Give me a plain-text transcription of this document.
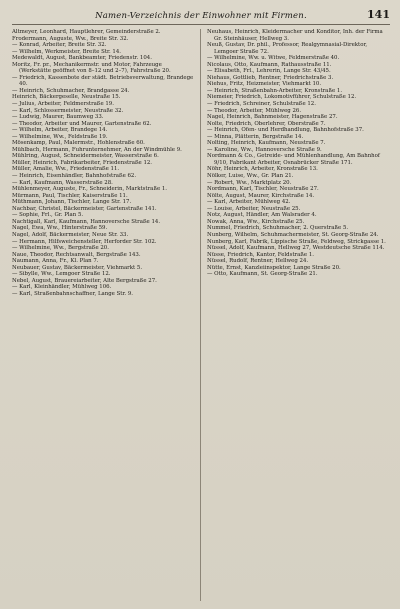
Namen-Verzeichnis der Einwohner mit Firmen.	141

Altmeyer, Leonhard, Hauptlehrer, Gemeinderstraße 2.

Frodermann, Auguste, Ww., Breite Str. 32.

— Konrad, Arbeiter, Breite Str. 32.

— Wilhelm, Werkmeister, Breite Str. 14.

Medewaldt, August, Bankbeamter, Friedenstr. 104.

Moritz, Fr. pr., Mechanikermstr. und Motor, Fahrzeuge (Werkstätte geöffnet von 8–12 und 2–7), Fahrstraße 20.

— Friedrich, Kassenbote der städt. Betriebsverwaltung, Brandege 40.

— Heinrich, Schuhmacher, Brandgasse 24.

Heinrich, Bäckergeselle, Neustraße 15.

— Julius, Arbeiter, Feldmerstraße 19.

— Karl, Schlossermeister, Neustraße 32.

— Ludwig, Maurer, Baumweg 33.

— Theodor, Arbeiter und Maurer, Gartenstraße 62.

— Wilhelm, Arbeiter, Brandege 14.

— Wilhelmine, Ww., Feldstraße 19.

Mösenkamp, Paul, Malermstr., Hohlenstraße 60.

Mühlbach, Hermann, Fuhrunternehmer, An der Windmühle 9.

Mühlring, August, Schneidermeister, Wasserstraße 6.

Müller, Heinrich, Fabrikarbeiter, Friedenstraße 12.

Müller, Amalie, Ww., Friedenstraße 11.

— Heinrich, Eisenhändler, Bahnhofstraße 62.

— Karl, Kaufmann, Wasserstraße 28.

Mühlenmeyer, Auguste, Fr., Schneiderin, Marktstraße 1.

Mürmann, Paul, Tischler, Kaiserstraße 11.

Müthmann, Johann, Tischler, Lange Str. 17.

Nachbar, Christel, Bäckermeister, Gartenstraße 141.

— Sophie, Frl., Gr. Plan 5.

Nachtigall, Karl, Kaufmann, Hannoversche Straße 14.

Nagel, Ewa, Ww., Hinterstraße 59.

Nagel, Adolf, Bäckermeister, Neue Str. 33.

— Hermann, Hilfsweichensteller, Herforder Str. 102.

— Wilhelmine, Ww., Bergstraße 20.

Naue, Theodor, Rechtsanwalt, Bergstraße 143.

Naumann, Anna, Fr., Kl. Plan 7.

Neubauer, Gustav, Bäckermeister, Viehmarkt 5.

— Sibylle, Ww., Lemgoer Straße 12.

Nebel, August, Brauereiarbeiter, Alte Bergstraße 27.

— Karl, Kleinhändler, Mühlweg 106.

— Karl, Straßenbahnschaffner, Lange Str. 9.

Neuhaus, Heinrich, Kleidermacher und Konditor, Inh. der Firma Gr. Steinhäuser, Hellweg 3.

Neuß, Gustav, Dr. phil., Professor, Realgymnasial-Direktor, Lemgoer Straße 72.

— Wilhelmine, Ww. u. Witwe, Feldmerstraße 40.

Nicolaus, Otto, Kaufmann, Rathausstraße 11.

— Elisabeth, Frl., Lehrerin, Lange Str. 43/45.

Niehaus, Gottlieb, Rentner, Friedrichstraße 3.

Niehus, Fritz, Heizmeister, Viehmarkt 10.

— Heinrich, Straßenbahn-Arbeiter, Kronstraße 1.

Niemeier, Friedrich, Lokomotivführer, Schulstraße 12.

— Friedrich, Schreiner, Schulstraße 12.

— Theodor, Arbeiter, Mühlweg 26.

Nagel, Heinrich, Bahnmeister, Hagenstraße 27.

Nolte, Friedrich, Oberlehrer, Oberstraße 7.

— Heinrich, Ofen- und Herdhandlung, Bahnhofstraße 37.

— Minna, Plätterin, Bergstraße 14.

Nolting, Heinrich, Kaufmann, Neustraße 7.

— Karoline, Ww., Hannoversche Straße 9.

Nordmann & Co., Getreide- und Mühlenhandlung, Am Bahnhof 9/10, Fabrikant Arbeiter, Osnabrücker Straße 171.

Nöhr, Heinrich, Arbeiter, Kronstraße 13.

Nölker, Luise, Ww., Gr. Plan 21.

— Robert, Ww., Marktplatz 20.

Nordmann, Karl, Tischler, Neustraße 27.

Nölte, August, Maurer, Kirchstraße 14.

— Karl, Arbeiter, Mühlweg 42.

— Louise, Arbeiter, Neustraße 25.

Notz, August, Händler, Am Walsrader 4.

Nowak, Anna, Ww., Kirchstraße 25.

Nummel, Friedrich, Schuhmacher, 2. Querstraße 5.

Nunberg, Wilhelm, Schuhmachermeister, St. Georg-Straße 24.

Nunberg, Karl, Fabrik, Lippische Straße, Feldweg, Strickgasse 1.

Nüssel, Adolf, Kaufmann, Hellweg 27, Westdeutsche Straße 114.

Nüsse, Friedrich, Kantor, Feldstraße 1.

Nüssel, Rudolf, Rentner, Hellweg 24.

Nütte, Ernst, Kanzleiinspektor, Lange Straße 20.

— Otto, Kaufmann, St. Georg-Straße 21.
